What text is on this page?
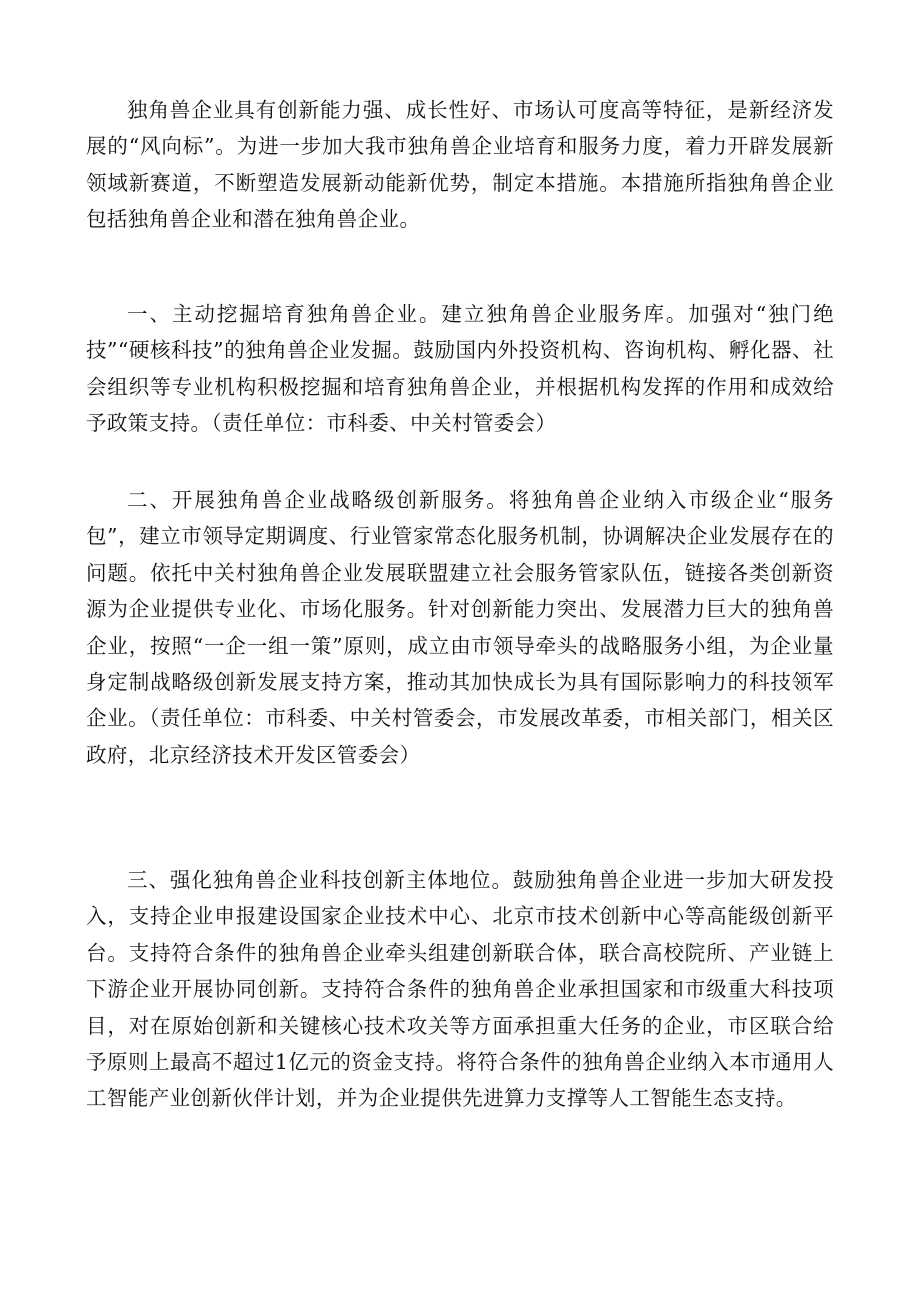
独角兽企业具有创新能力强、成长性好、市场认可度高等特征，是新经济发展的“风向标”。为进一步加大我市独角兽企业培育和服务力度，着力开辟发展新领域新赛道，不断塑造发展新动能新优势，制定本措施。本措施所指独角兽企业包括独角兽企业和潜在独角兽企业。

一、主动挖掘培育独角兽企业。建立独角兽企业服务库。加强对“独门绝技”“硬核科技”的独角兽企业发掘。鼓励国内外投资机构、咨询机构、孵化器、社会组织等专业机构积极挖掘和培育独角兽企业，并根据机构发挥的作用和成效给予政策支持。（责任单位：市科委、中关村管委会）

二、开展独角兽企业战略级创新服务。将独角兽企业纳入市级企业“服务包”，建立市领导定期调度、行业管家常态化服务机制，协调解决企业发展存在的问题。依托中关村独角兽企业发展联盟建立社会服务管家队伍，链接各类创新资源为企业提供专业化、市场化服务。针对创新能力突出、发展潜力巨大的独角兽企业，按照“一企一组一策”原则，成立由市领导牵头的战略服务小组，为企业量身定制战略级创新发展支持方案，推动其加快成长为具有国际影响力的科技领军企业。（责任单位：市科委、中关村管委会，市发展改革委，市相关部门，相关区政府，北京经济技术开发区管委会）

三、强化独角兽企业科技创新主体地位。鼓励独角兽企业进一步加大研发投入，支持企业申报建设国家企业技术中心、北京市技术创新中心等高能级创新平台。支持符合条件的独角兽企业牵头组建创新联合体，联合高校院所、产业链上下游企业开展协同创新。支持符合条件的独角兽企业承担国家和市级重大科技项目，对在原始创新和关键核心技术攻关等方面承担重大任务的企业，市区联合给予原则上最高不超过1亿元的资金支持。将符合条件的独角兽企业纳入本市通用人工智能产业创新伙伴计划，并为企业提供先进算力支撑等人工智能生态支持。
